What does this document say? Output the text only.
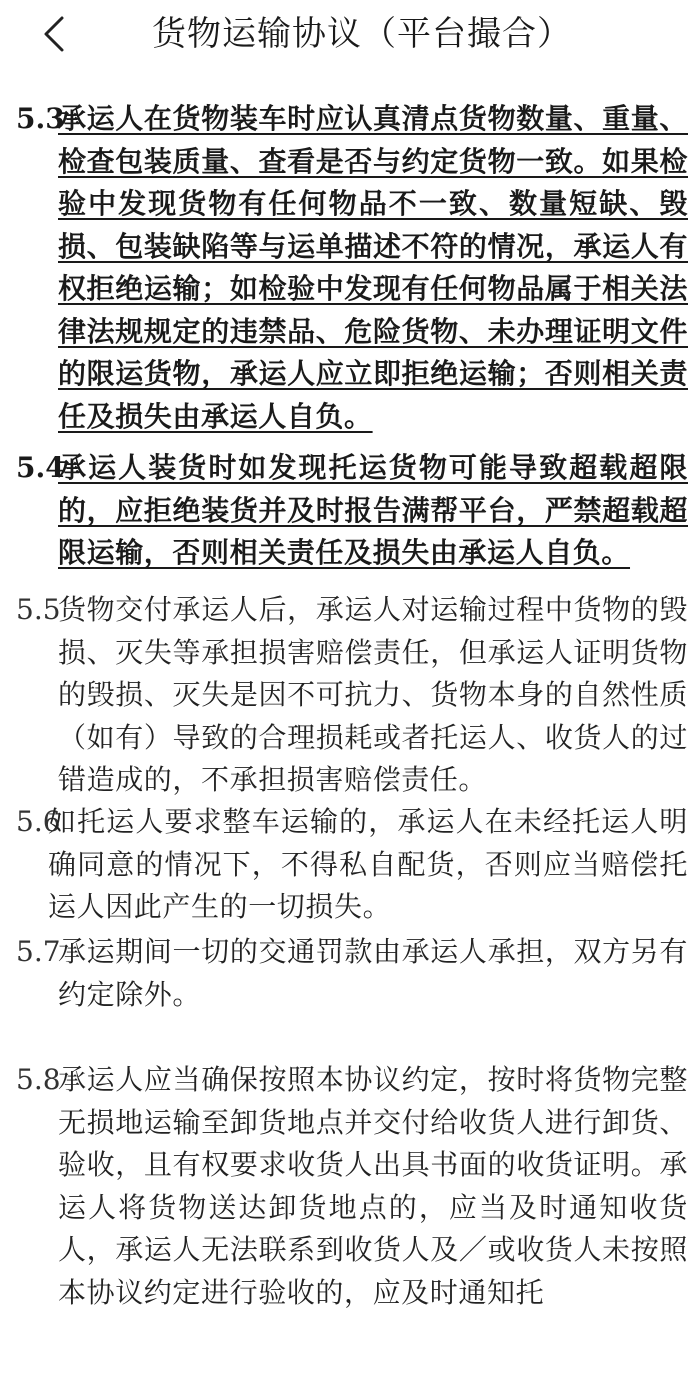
货物运输协议（平台撮合）
5.3
承运人在货物装车时应认真清点货物数量、重量、检查包装质量、查看是否与约定货物一致。如果检验中发现货物有任何物品不一致、数量短缺、毁损、包装缺陷等与运单描述不符的情况，承运人有权拒绝运输；如检验中发现有任何物品属于相关法律法规规定的违禁品、危险货物、未办理证明文件的限运货物，承运人应立即拒绝运输；否则相关责任及损失由承运人自负。
5.4
承运人装货时如发现托运货物可能导致超载超限的，应拒绝装货并及时报告满帮平台，严禁超载超限运输，否则相关责任及损失由承运人自负。
5.5
货物交付承运人后，承运人对运输过程中货物的毁损、灭失等承担损害赔偿责任，但承运人证明货物的毁损、灭失是因不可抗力、货物本身的自然性质（如有）导致的合理损耗或者托运人、收货人的过错造成的，不承担损害赔偿责任。
5.6
如托运人要求整车运输的，承运人在未经托运人明确同意的情况下，不得私自配货，否则应当赔偿托运人因此产生的一切损失。
5.7
承运期间一切的交通罚款由承运人承担，双方另有约定除外。
5.8
承运人应当确保按照本协议约定，按时将货物完整无损地运输至卸货地点并交付给收货人进行卸货、验收，且有权要求收货人出具书面的收货证明。承运人将货物送达卸货地点的，应当及时通知收货人，承运人无法联系到收货人及／或收货人未按照本协议约定进行验收的，应及时通知托
